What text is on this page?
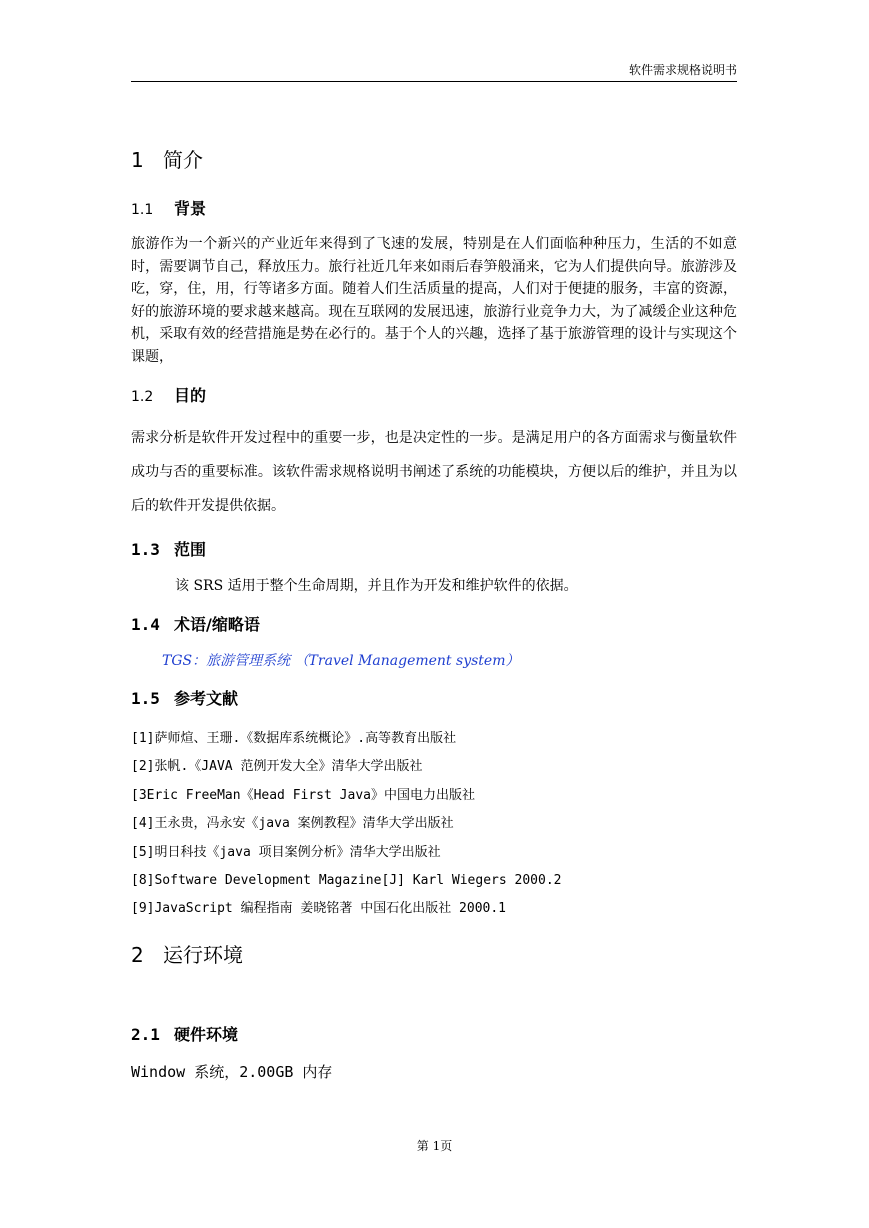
软件需求规格说明书
1 简介
1.1 背景
旅游作为一个新兴的产业近年来得到了飞速的发展，特别是在人们面临种种压力，生活的不如意时，需要调节自己，释放压力。旅行社近几年来如雨后春笋般涌来，它为人们提供向导。旅游涉及吃，穿，住，用，行等诸多方面。随着人们生活质量的提高，人们对于便捷的服务，丰富的资源，好的旅游环境的要求越来越高。现在互联网的发展迅速，旅游行业竞争力大，为了减缓企业这种危机，采取有效的经营措施是势在必行的。基于个人的兴趣，选择了基于旅游管理的设计与实现这个课题，
1.2 目的
需求分析是软件开发过程中的重要一步，也是决定性的一步。是满足用户的各方面需求与衡量软件成功与否的重要标准。该软件需求规格说明书阐述了系统的功能模块，方便以后的维护，并且为以后的软件开发提供依据。
1.3 范围
该 SRS 适用于整个生命周期，并且作为开发和维护软件的依据。
1.4 术语/缩略语
TGS：旅游管理系统 （Travel Management system）
1.5 参考文献
[1]萨师煊、王珊.《数据库系统概论》.高等教育出版社
[2]张帆.《JAVA 范例开发大全》清华大学出版社
[3Eric FreeMan《Head First Java》中国电力出版社
[4]王永贵，冯永安《java 案例教程》清华大学出版社
[5]明日科技《java 项目案例分析》清华大学出版社
[8]Software Development Magazine[J] Karl Wiegers 2000.2
[9]JavaScript 编程指南 姜晓铭著 中国石化出版社 2000.1
2 运行环境
2.1 硬件环境
Window 系统，2.00GB 内存
第 1页
